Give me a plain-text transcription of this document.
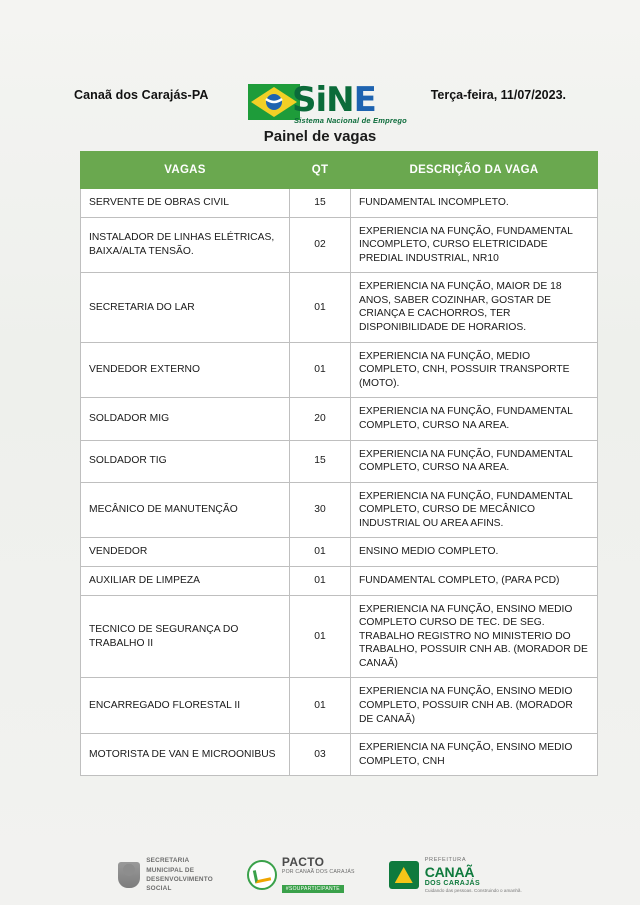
Canaã dos Carajás-PA	Terça-feira, 11/07/2023.
SiNE
Sistema Nacional de Emprego
Painel de vagas
VAGAS	QT	DESCRIÇÃO DA VAGA
SERVENTE DE OBRAS CIVIL	15	FUNDAMENTAL INCOMPLETO.
INSTALADOR DE LINHAS ELÉTRICAS, BAIXA/ALTA TENSÃO.	02	EXPERIENCIA NA FUNÇÃO, FUNDAMENTAL INCOMPLETO, CURSO ELETRICIDADE PREDIAL INDUSTRIAL, NR10
SECRETARIA DO LAR	01	EXPERIENCIA NA FUNÇÃO, MAIOR DE 18 ANOS, SABER COZINHAR, GOSTAR DE CRIANÇA E CACHORROS, TER DISPONIBILIDADE DE HORARIOS.
VENDEDOR EXTERNO	01	EXPERIENCIA NA FUNÇÃO, MEDIO COMPLETO, CNH, POSSUIR TRANSPORTE (MOTO).
SOLDADOR MIG	20	EXPERIENCIA NA FUNÇÃO, FUNDAMENTAL COMPLETO, CURSO NA AREA.
SOLDADOR TIG	15	EXPERIENCIA NA FUNÇÃO, FUNDAMENTAL COMPLETO, CURSO NA AREA.
MECÂNICO DE MANUTENÇÃO	30	EXPERIENCIA NA FUNÇÃO, FUNDAMENTAL COMPLETO, CURSO DE MECÂNICO INDUSTRIAL OU AREA AFINS.
VENDEDOR	01	ENSINO MEDIO COMPLETO.
AUXILIAR DE LIMPEZA	01	FUNDAMENTAL COMPLETO, (PARA PCD)
TECNICO DE SEGURANÇA DO TRABALHO II	01	EXPERIENCIA NA FUNÇÃO, ENSINO MEDIO COMPLETO CURSO DE TEC. DE SEG. TRABALHO REGISTRO NO MINISTERIO DO TRABALHO, POSSUIR CNH AB. (MORADOR DE CANAÃ)
ENCARREGADO FLORESTAL II	01	EXPERIENCIA NA FUNÇÃO, ENSINO MEDIO COMPLETO, POSSUIR CNH AB. (MORADOR DE CANAÃ)
MOTORISTA DE VAN E MICROONIBUS	03	EXPERIENCIA NA FUNÇÃO, ENSINO MEDIO COMPLETO, CNH
SECRETARIA
MUNICIPAL DE
DESENVOLVIMENTO
SOCIAL
PACTO
POR CANAÃ DOS CARAJÁS
#SOUPARTICIPANTE
PREFEITURA
CANAÃ
DOS CARAJÁS
Cuidando das pessoas. Construindo o amanhã.
